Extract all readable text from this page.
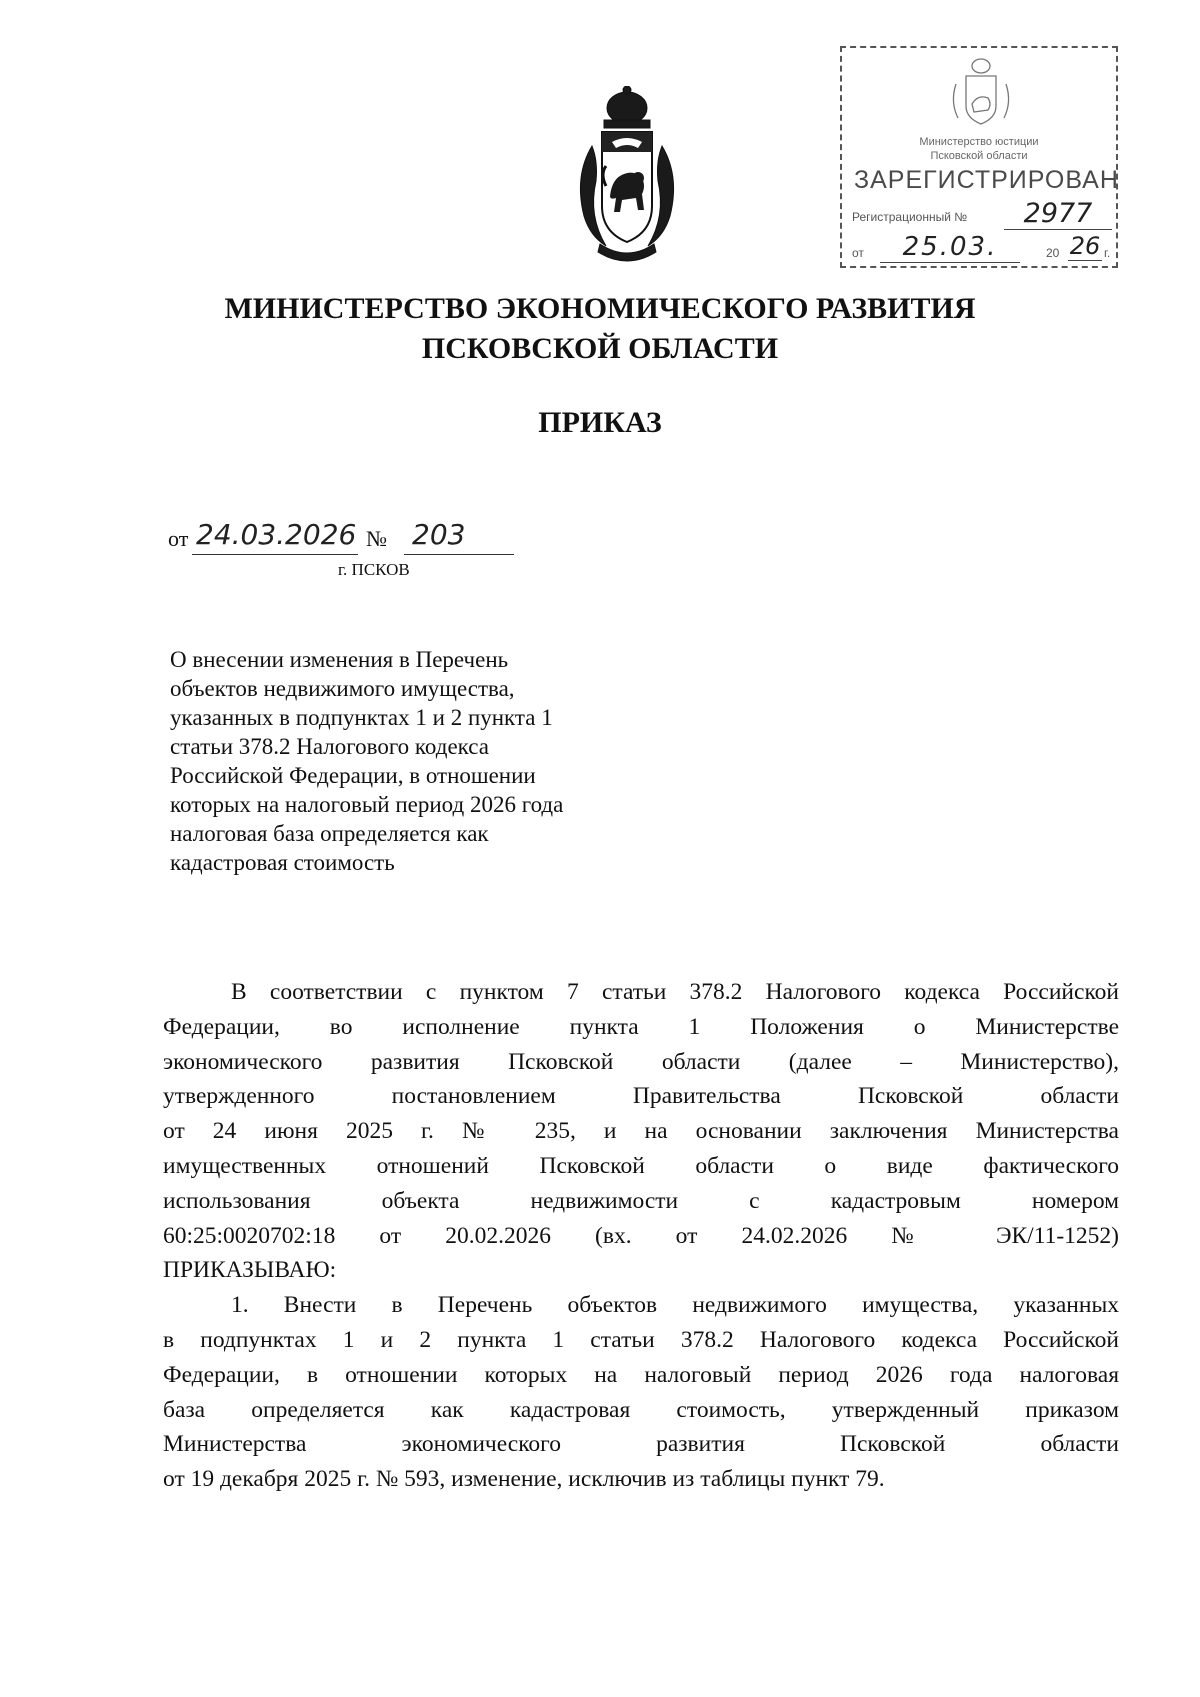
Министерство юстиции
Псковской области
ЗАРЕГИСТРИРОВАН
Регистрационный №	2977
от	25.03.	20 26 г.
МИНИСТЕРСТВО ЭКОНОМИЧЕСКОГО РАЗВИТИЯ
ПСКОВСКОЙ ОБЛАСТИ
ПРИКАЗ
от 24.03.2026 № 203
г. ПСКОВ
О внесении изменения в Перечень
объектов недвижимого имущества,
указанных в подпунктах 1 и 2 пункта 1
статьи 378.2 Налогового кодекса
Российской Федерации, в отношении
которых на налоговый период 2026 года
налоговая база определяется как
кадастровая стоимость

В соответствии с пунктом 7 статьи 378.2 Налогового кодекса Российской

Федерации, во исполнение пункта 1 Положения о Министерстве

экономического развития Псковской области (далее – Министерство),

утвержденного постановлением Правительства Псковской области

от 24 июня 2025 г. № 235, и на основании заключения Министерства

имущественных отношений Псковской области о виде фактического

использования объекта недвижимости с кадастровым номером

60:25:0020702:18 от 20.02.2026 (вх. от 24.02.2026 № ЭК/11-1252)

ПРИКАЗЫВАЮ:

1. Внести в Перечень объектов недвижимого имущества, указанных

в подпунктах 1 и 2 пункта 1 статьи 378.2 Налогового кодекса Российской

Федерации, в отношении которых на налоговый период 2026 года налоговая

база определяется как кадастровая стоимость, утвержденный приказом

Министерства экономического развития Псковской области

от 19 декабря 2025 г. № 593, изменение, исключив из таблицы пункт 79.
